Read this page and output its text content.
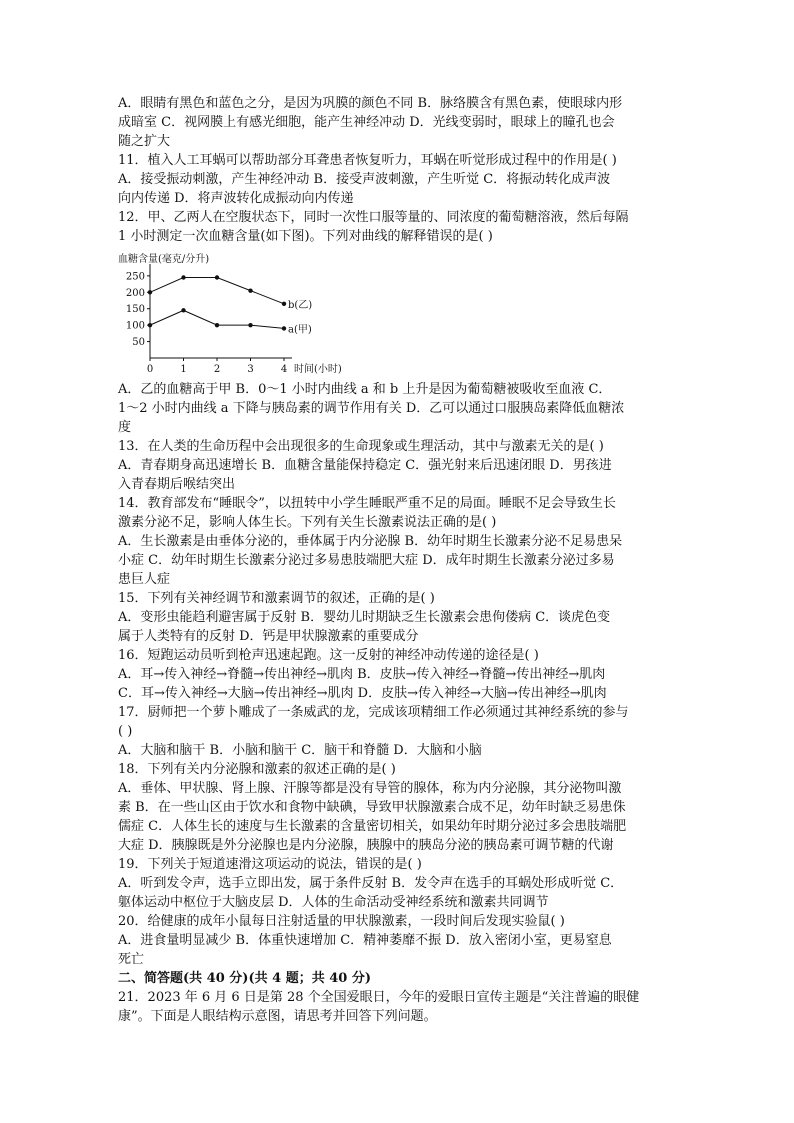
A．眼睛有黑色和蓝色之分，是因为巩膜的颜色不同 B．脉络膜含有黑色素，使眼球内形

成暗室 C．视网膜上有感光细胞，能产生神经冲动 D．光线变弱时，眼球上的瞳孔也会

随之扩大

11．植入人工耳蜗可以帮助部分耳聋患者恢复听力，耳蜗在听觉形成过程中的作用是( )

A．接受振动刺激，产生神经冲动 B．接受声波刺激，产生听觉 C．将振动转化成声波

向内传递 D．将声波转化成振动向内传递

12．甲、乙两人在空腹状态下，同时一次性口服等量的、同浓度的葡萄糖溶液，然后每隔

1 小时测定一次血糖含量(如下图)。下列对曲线的解释错误的是( )

血糖含量(毫克/分升)
50
100
150
200
250
0	1	2	3	4 时间(小时)
b(乙)
a(甲)

A．乙的血糖高于甲 B．0～1 小时内曲线 a 和 b 上升是因为葡萄糖被吸收至血液 C．

1～2 小时内曲线 a 下降与胰岛素的调节作用有关 D．乙可以通过口服胰岛素降低血糖浓

度

13．在人类的生命历程中会出现很多的生命现象或生理活动，其中与激素无关的是( )

A．青春期身高迅速增长 B．血糖含量能保持稳定 C．强光射来后迅速闭眼 D．男孩进

入青春期后喉结突出

14．教育部发布“睡眠令”，以扭转中小学生睡眠严重不足的局面。睡眠不足会导致生长

激素分泌不足，影响人体生长。下列有关生长激素说法正确的是( )

A．生长激素是由垂体分泌的，垂体属于内分泌腺 B．幼年时期生长激素分泌不足易患呆

小症 C．幼年时期生长激素分泌过多易患肢端肥大症 D．成年时期生长激素分泌过多易

患巨人症

15．下列有关神经调节和激素调节的叙述，正确的是( )

A．变形虫能趋利避害属于反射 B．婴幼儿时期缺乏生长激素会患佝偻病 C．谈虎色变

属于人类特有的反射 D．钙是甲状腺激素的重要成分

16．短跑运动员听到枪声迅速起跑。这一反射的神经冲动传递的途径是( )

A．耳→传入神经→脊髓→传出神经→肌肉 B．皮肤→传入神经→脊髓→传出神经→肌肉

C．耳→传入神经→大脑→传出神经→肌肉 D．皮肤→传入神经→大脑→传出神经→肌肉

17．厨师把一个萝卜雕成了一条威武的龙，完成该项精细工作必须通过其神经系统的参与

( )

A．大脑和脑干 B．小脑和脑干 C．脑干和脊髓 D．大脑和小脑

18．下列有关内分泌腺和激素的叙述正确的是( )

A．垂体、甲状腺、肾上腺、汗腺等都是没有导管的腺体，称为内分泌腺，其分泌物叫激

素 B．在一些山区由于饮水和食物中缺碘，导致甲状腺激素合成不足，幼年时缺乏易患侏

儒症 C．人体生长的速度与生长激素的含量密切相关，如果幼年时期分泌过多会患肢端肥

大症 D．胰腺既是外分泌腺也是内分泌腺，胰腺中的胰岛分泌的胰岛素可调节糖的代谢

19．下列关于短道速滑这项运动的说法，错误的是( )

A．听到发令声，选手立即出发，属于条件反射 B．发令声在选手的耳蜗处形成听觉 C．

躯体运动中枢位于大脑皮层 D．人体的生命活动受神经系统和激素共同调节

20．给健康的成年小鼠每日注射适量的甲状腺激素，一段时间后发现实验鼠( )

A．进食量明显减少 B．体重快速增加 C．精神萎靡不振 D．放入密闭小室，更易窒息

死亡

二、简答题(共 40 分)(共 4 题；共 40 分)

21．2023 年 6 月 6 日是第 28 个全国爱眼日，今年的爱眼日宣传主题是“关注普遍的眼健

康”。下面是人眼结构示意图，请思考并回答下列问题。
